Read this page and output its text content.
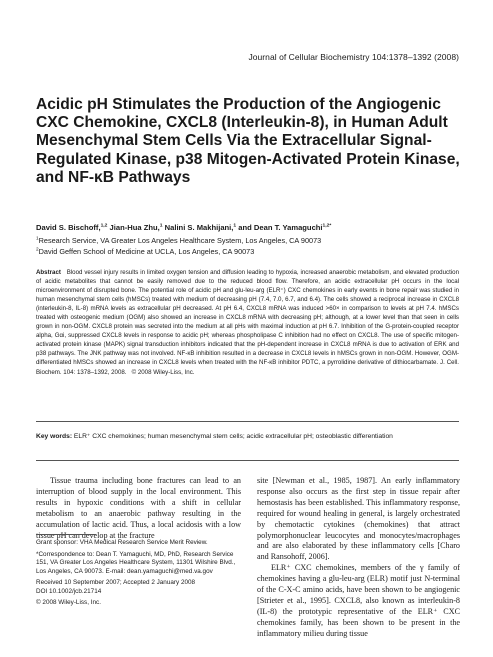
Journal of Cellular Biochemistry 104:1378–1392 (2008)
Acidic pH Stimulates the Production of the Angiogenic CXC Chemokine, CXCL8 (Interleukin-8), in Human Adult Mesenchymal Stem Cells Via the Extracellular Signal-Regulated Kinase, p38 Mitogen-Activated Protein Kinase, and NF-κB Pathways
David S. Bischoff,$^{1,2}$ Jian-Hua Zhu,$^1$ Nalini S. Makhijani,$^1$ and Dean T. Yamaguchi$^{1,2*}$
$^1$Research Service, VA Greater Los Angeles Healthcare System, Los Angeles, CA 90073
$^2$David Geffen School of Medicine at UCLA, Los Angeles, CA 90073

Abstract Blood vessel injury results in limited oxygen tension and diffusion leading to hypoxia, increased anaerobic metabolism, and elevated production of acidic metabolites that cannot be easily removed due to the reduced blood flow. Therefore, an acidic extracellular pH occurs in the local microenvironment of disrupted bone. The potential role of acidic pH and glu-leu-arg (ELR⁺) CXC chemokines in early events in bone repair was studied in human mesenchymal stem cells (hMSCs) treated with medium of decreasing pH (7.4, 7.0, 6.7, and 6.4). The cells showed a reciprocal increase in CXCL8 (interleukin-8, IL-8) mRNA levels as extracellular pH decreased. At pH 6.4, CXCL8 mRNA was induced >60× in comparison to levels at pH 7.4. hMSCs treated with osteogenic medium (OGM) also showed an increase in CXCL8 mRNA with decreasing pH; although, at a lower level than that seen in cells grown in non-OGM. CXCL8 protein was secreted into the medium at all pHs with maximal induction at pH 6.7. Inhibition of the G-protein-coupled receptor alpha, Gαi, suppressed CXCL8 levels in response to acidic pH; whereas phospholipase C inhibition had no effect on CXCL8. The use of specific mitogen-activated protein kinase (MAPK) signal transduction inhibitors indicated that the pH-dependent increase in CXCL8 mRNA is due to activation of ERK and p38 pathways. The JNK pathway was not involved. NF-κB inhibition resulted in a decrease in CXCL8 levels in hMSCs grown in non-OGM. However, OGM-differentiated hMSCs showed an increase in CXCL8 levels when treated with the NF-κB inhibitor PDTC, a pyrrolidine derivative of dithiocarbamate. J. Cell. Biochem. 104: 1378–1392, 2008. © 2008 Wiley-Liss, Inc.

Key words: ELR⁺ CXC chemokines; human mesenchymal stem cells; acidic extracellular pH; osteoblastic differentiation

Tissue trauma including bone fractures can lead to an interruption of blood supply in the local environment. This results in hypoxic conditions with a shift in cellular metabolism to an anaerobic pathway resulting in the accumulation of lactic acid. Thus, a local acidosis with a low tissue pH can develop at the fracture

site [Newman et al., 1985, 1987]. An early inflammatory response also occurs as the first step in tissue repair after hemostasis has been established. This inflammatory response, required for wound healing in general, is largely orchestrated by chemotactic cytokines (chemokines) that attract polymorphonuclear leucocytes and monocytes/macrophages and are also elaborated by these inflammatory cells [Charo and Ransohoff, 2006].

ELR⁺ CXC chemokines, members of the γ family of chemokines having a glu-leu-arg (ELR) motif just N-terminal of the C-X-C amino acids, have been shown to be angiogenic [Strieter et al., 1995]. CXCL8, also known as interleukin-8 (IL-8) the prototypic representative of the ELR⁺ CXC chemokines family, has been shown to be present in the inflammatory milieu during tissue

Grant sponsor: VHA Medical Research Service Merit Review.
*Correspondence to: Dean T. Yamaguchi, MD, PhD, Research Service 151, VA Greater Los Angeles Healthcare System, 11301 Wilshire Blvd., Los Angeles, CA 90073. E-mail: dean.yamaguchi@med.va.gov
Received 10 September 2007; Accepted 2 January 2008
DOI 10.1002/jcb.21714
© 2008 Wiley-Liss, Inc.
